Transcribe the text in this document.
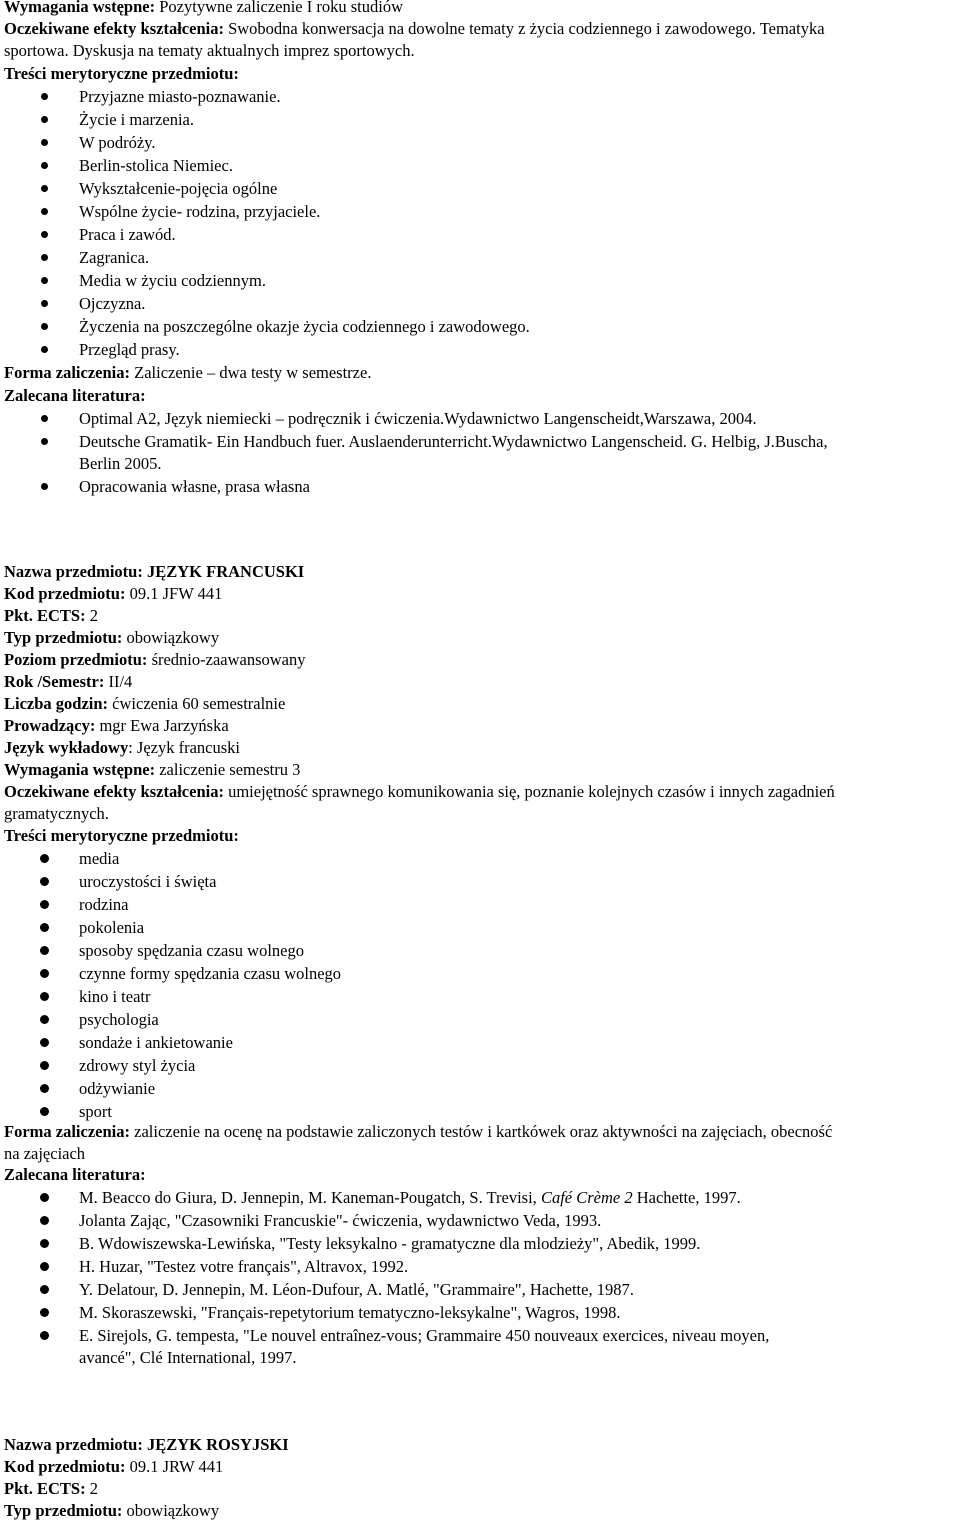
Wymagania wstępne: Pozytywne zaliczenie I roku studiów
Oczekiwane efekty kształcenia: Swobodna konwersacja na dowolne tematy z życia codziennego i zawodowego. Tematyka
sportowa. Dyskusja na tematy aktualnych imprez sportowych.
Treści merytoryczne przedmiotu:
Przyjazne miasto-poznawanie.
Życie i marzenia.
W podróży.
Berlin-stolica Niemiec.
Wykształcenie-pojęcia ogólne
Wspólne życie- rodzina, przyjaciele.
Praca i zawód.
Zagranica.
Media w życiu codziennym.
Ojczyzna.
Życzenia na poszczególne okazje życia codziennego i zawodowego.
Przegląd prasy.
Forma zaliczenia: Zaliczenie – dwa testy w semestrze.
Zalecana literatura:
Optimal A2, Język niemiecki – podręcznik i ćwiczenia.Wydawnictwo Langenscheidt,Warszawa, 2004.
Deutsche Gramatik- Ein Handbuch fuer. Auslaenderunterricht.Wydawnictwo Langenscheid. G. Helbig, J.Buscha,
Berlin 2005.
Opracowania własne, prasa własna
Nazwa przedmiotu: JĘZYK FRANCUSKI
Kod przedmiotu: 09.1 JFW 441
Pkt. ECTS: 2
Typ przedmiotu: obowiązkowy
Poziom przedmiotu: średnio-zaawansowany
Rok /Semestr: II/4
Liczba godzin: ćwiczenia 60 semestralnie
Prowadzący: mgr Ewa Jarzyńska
Język wykładowy: Język francuski
Wymagania wstępne: zaliczenie semestru 3
Oczekiwane efekty kształcenia: umiejętność sprawnego komunikowania się, poznanie kolejnych czasów i innych zagadnień
gramatycznych.
Treści merytoryczne przedmiotu:
media
uroczystości i święta
rodzina
pokolenia
sposoby spędzania czasu wolnego
czynne formy spędzania czasu wolnego
kino i teatr
psychologia
sondaże i ankietowanie
zdrowy styl życia
odżywianie
sport
Forma zaliczenia: zaliczenie na ocenę na podstawie zaliczonych testów i kartkówek oraz aktywności na zajęciach, obecność
na zajęciach
Zalecana literatura:
M. Beacco do Giura, D. Jennepin, M. Kaneman-Pougatch, S. Trevisi, Café Crème 2 Hachette, 1997.
Jolanta Zając, "Czasowniki Francuskie"- ćwiczenia, wydawnictwo Veda, 1993.
B. Wdowiszewska-Lewińska, "Testy leksykalno - gramatyczne dla mlodzieży", Abedik, 1999.
H. Huzar, "Testez votre français", Altravox, 1992.
Y. Delatour, D. Jennepin, M. Léon-Dufour, A. Matlé, "Grammaire", Hachette, 1987.
M. Skoraszewski, "Français-repetytorium tematyczno-leksykalne", Wagros, 1998.
E. Sirejols, G. tempesta, "Le nouvel entraînez-vous; Grammaire 450 nouveaux exercices, niveau moyen,
avancé", Clé International, 1997.
Nazwa przedmiotu: JĘZYK ROSYJSKI
Kod przedmiotu: 09.1 JRW 441
Pkt. ECTS: 2
Typ przedmiotu: obowiązkowy
